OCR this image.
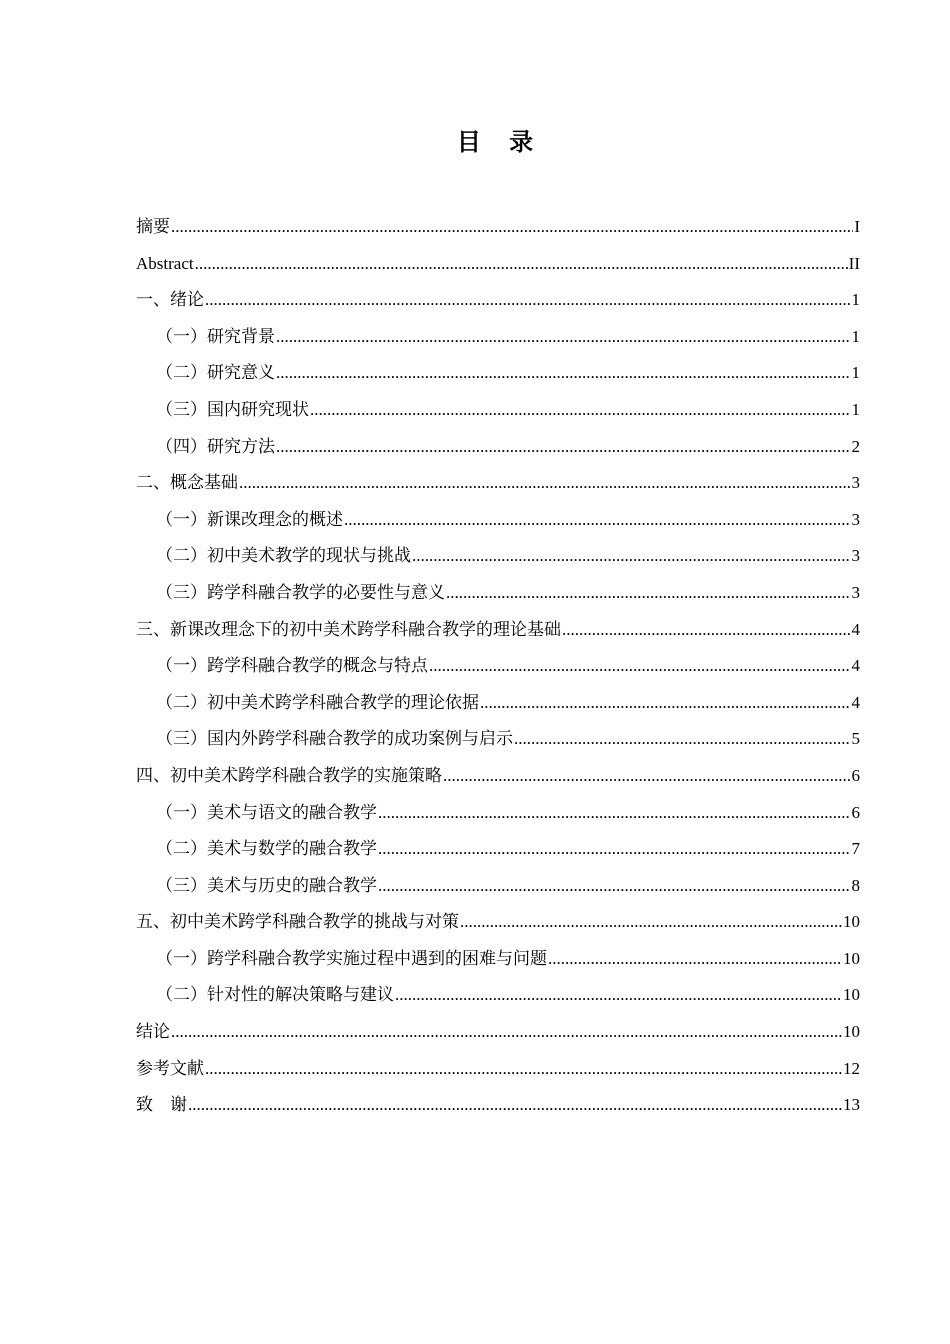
目 录
摘要 .....	I
Abstract .....	II
一、绪论 .....	1
（一）研究背景 .....	1
（二）研究意义 .....	1
（三）国内研究现状 .....	1
（四）研究方法 .....	2
二、概念基础 .....	3
（一）新课改理念的概述 .....	3
（二）初中美术教学的现状与挑战 .....	3
（三）跨学科融合教学的必要性与意义 .....	3
三、新课改理念下的初中美术跨学科融合教学的理论基础 .....	4
（一）跨学科融合教学的概念与特点 .....	4
（二）初中美术跨学科融合教学的理论依据 .....	4
（三）国内外跨学科融合教学的成功案例与启示 .....	5
四、初中美术跨学科融合教学的实施策略 .....	6
（一）美术与语文的融合教学 .....	6
（二）美术与数学的融合教学 .....	7
（三）美术与历史的融合教学 .....	8
五、初中美术跨学科融合教学的挑战与对策 .....	10
（一）跨学科融合教学实施过程中遇到的困难与问题 .....	10
（二）针对性的解决策略与建议 .....	10
结论 .....	10
参考文献 .....	12
致　谢 .....	13
